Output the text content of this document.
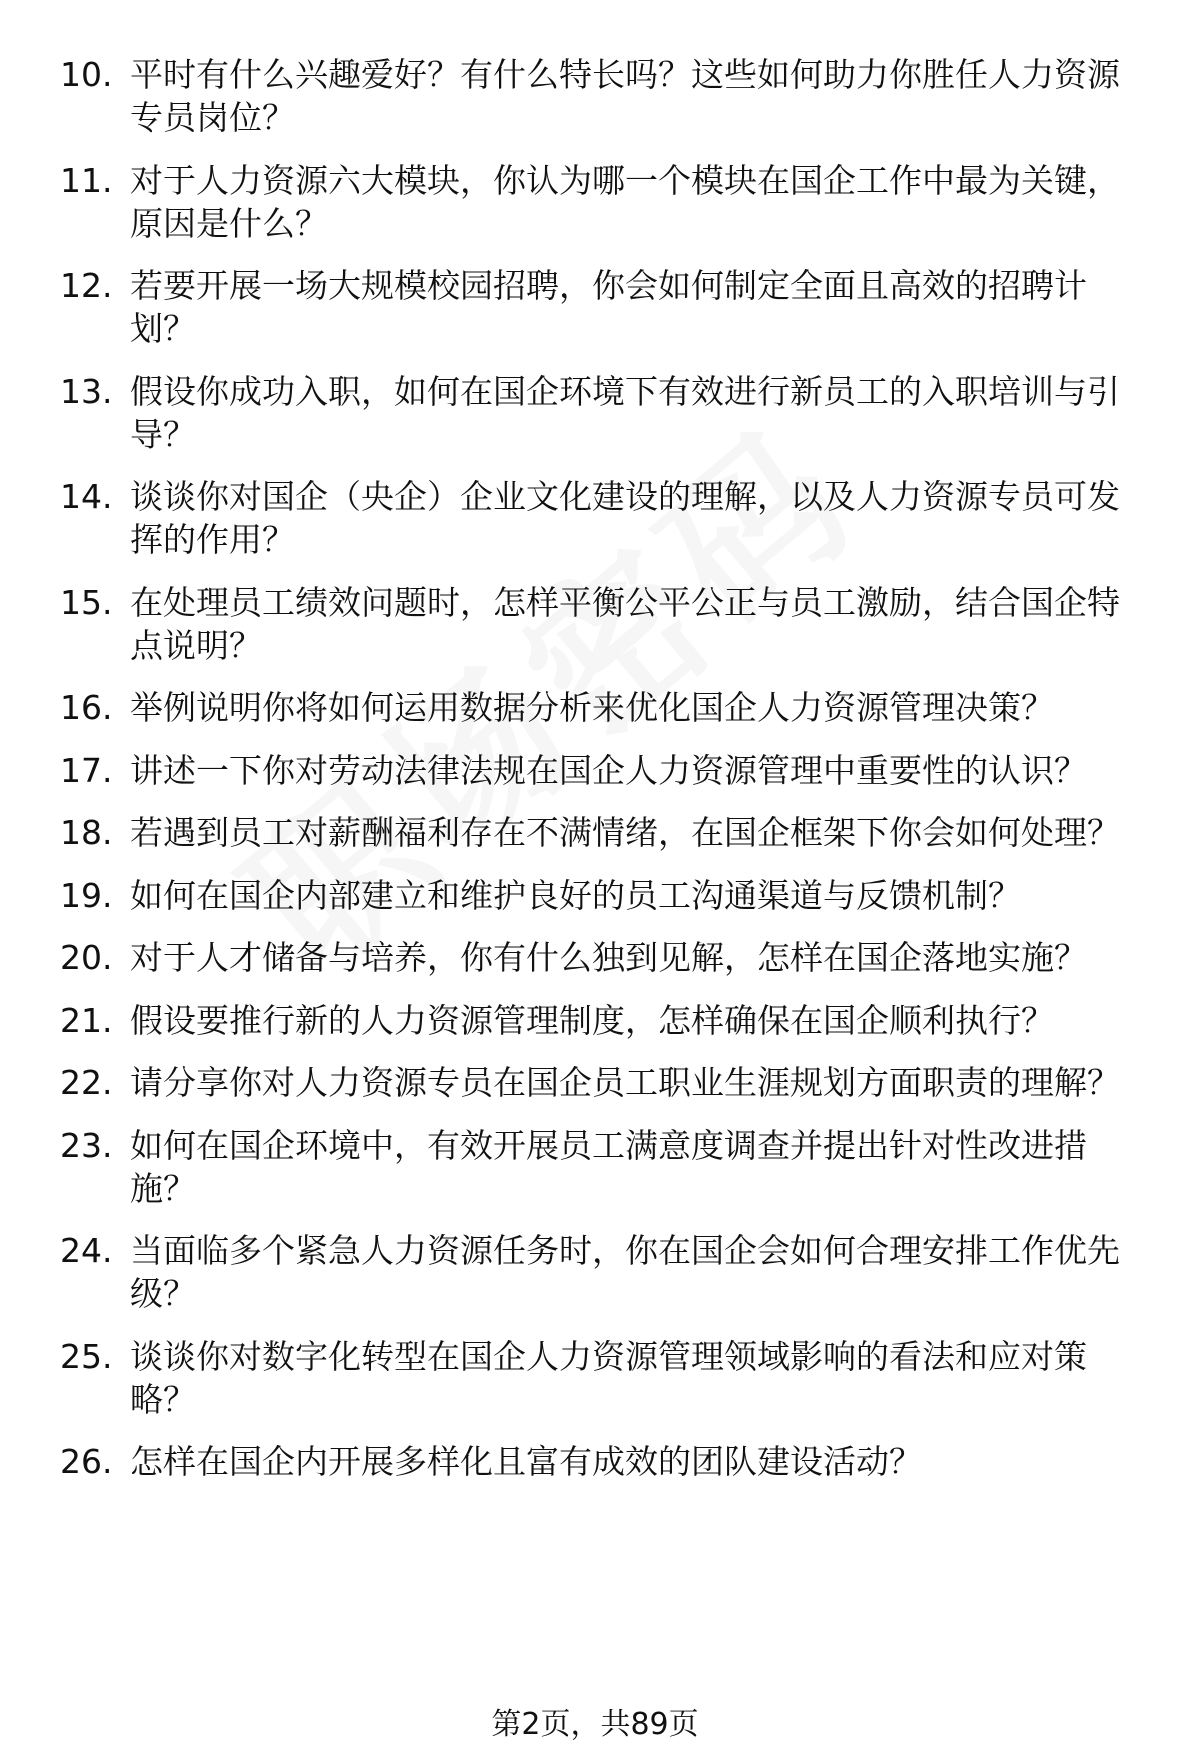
10. 平时有什么兴趣爱好？有什么特长吗？这些如何助力你胜任人力资源专员岗位？
11. 对于人力资源六大模块，你认为哪一个模块在国企工作中最为关键，原因是什么？
12. 若要开展一场大规模校园招聘，你会如何制定全面且高效的招聘计划？
13. 假设你成功入职，如何在国企环境下有效进行新员工的入职培训与引导？
14. 谈谈你对国企（央企）企业文化建设的理解，以及人力资源专员可发挥的作用？
15. 在处理员工绩效问题时，怎样平衡公平公正与员工激励，结合国企特点说明？
16. 举例说明你将如何运用数据分析来优化国企人力资源管理决策？
17. 讲述一下你对劳动法律法规在国企人力资源管理中重要性的认识？
18. 若遇到员工对薪酬福利存在不满情绪，在国企框架下你会如何处理？
19. 如何在国企内部建立和维护良好的员工沟通渠道与反馈机制？
20. 对于人才储备与培养，你有什么独到见解，怎样在国企落地实施？
21. 假设要推行新的人力资源管理制度，怎样确保在国企顺利执行？
22. 请分享你对人力资源专员在国企员工职业生涯规划方面职责的理解？
23. 如何在国企环境中，有效开展员工满意度调查并提出针对性改进措施？
24. 当面临多个紧急人力资源任务时，你在国企会如何合理安排工作优先级？
25. 谈谈你对数字化转型在国企人力资源管理领域影响的看法和应对策略？
26. 怎样在国企内开展多样化且富有成效的团队建设活动？
第2页，共89页
